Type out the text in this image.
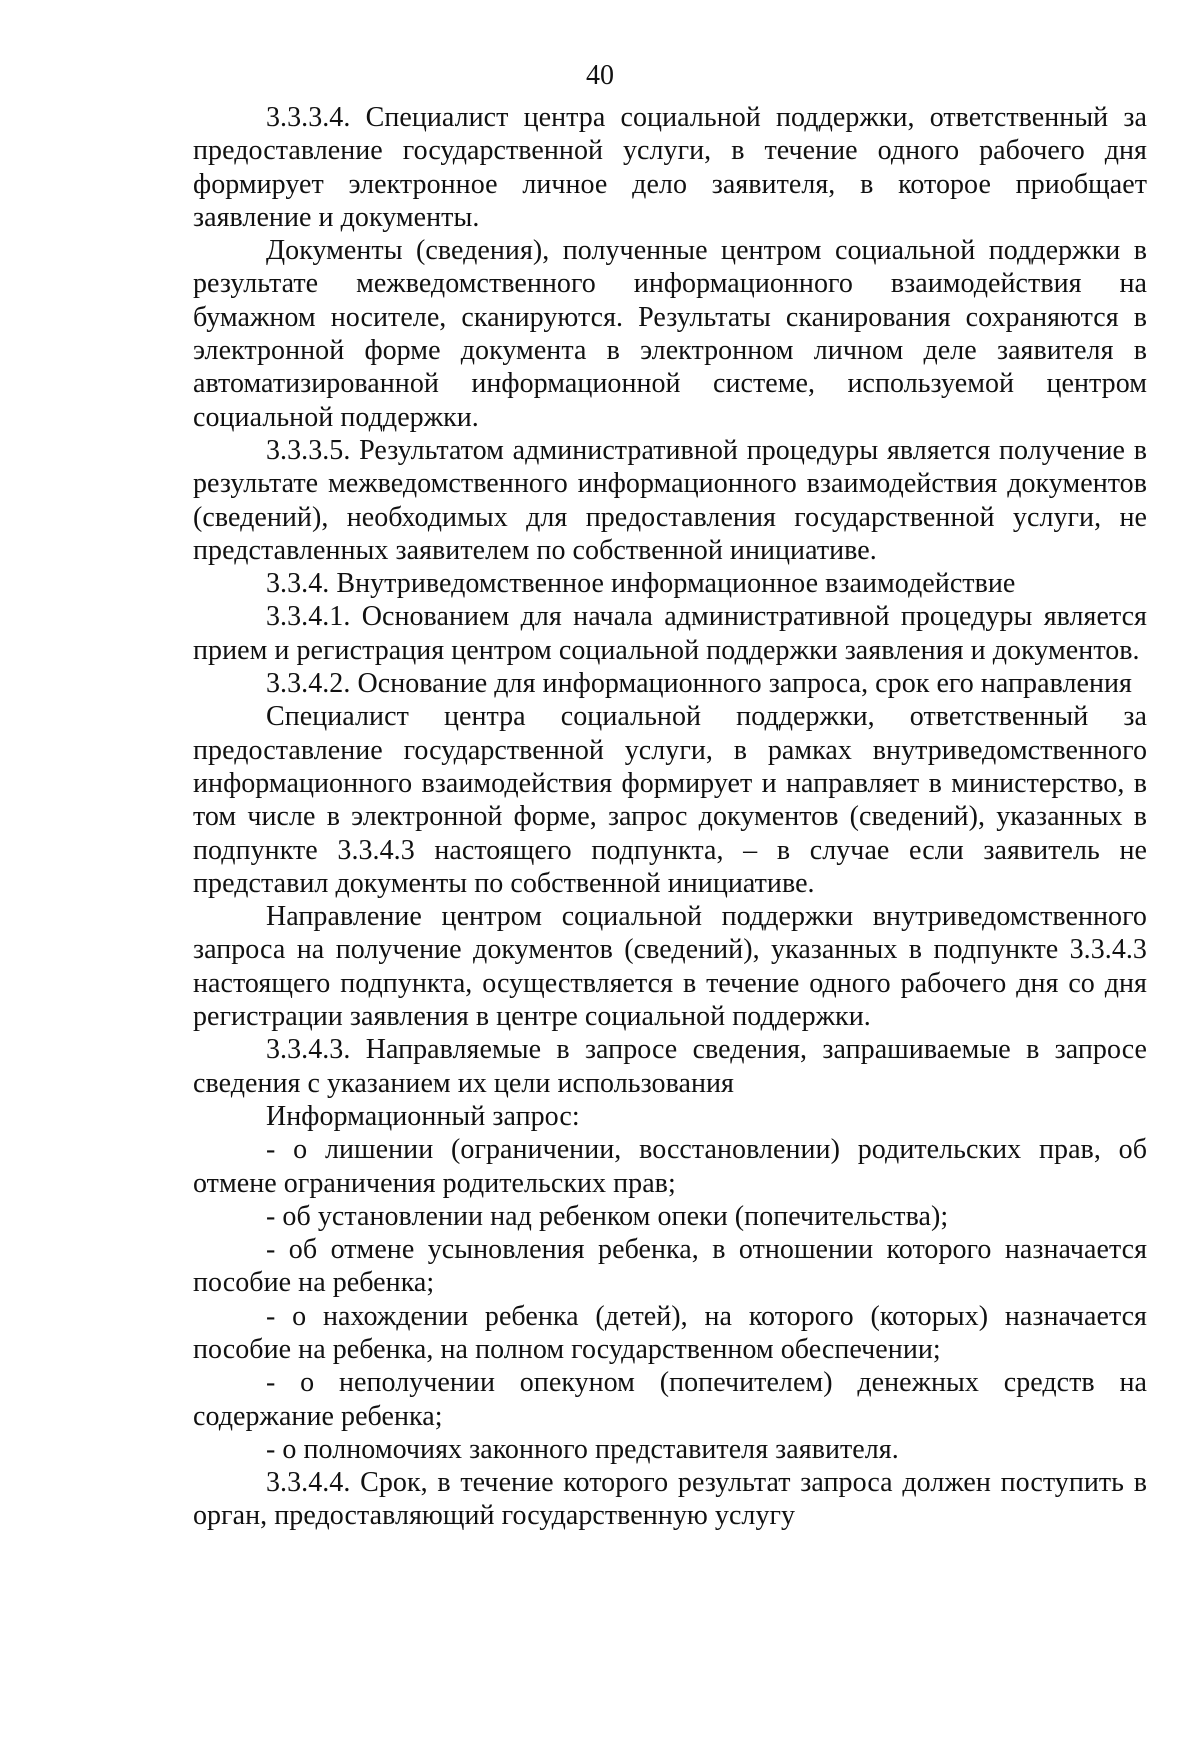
40

3.3.3.4. Специалист центра социальной поддержки, ответственный за предоставление государственной услуги, в течение одного рабочего дня формирует электронное личное дело заявителя, в которое приобщает заявление и документы.

Документы (сведения), полученные центром социальной поддержки в результате межведомственного информационного взаимодействия на бумажном носителе, сканируются. Результаты сканирования сохраняются в электронной форме документа в электронном личном деле заявителя в автоматизированной информационной системе, используемой центром социальной поддержки.

3.3.3.5. Результатом административной процедуры является получение в результате межведомственного информационного взаимодействия документов (сведений), необходимых для предоставления государственной услуги, не представленных заявителем по собственной инициативе.

3.3.4. Внутриведомственное информационное взаимодействие

3.3.4.1. Основанием для начала административной процедуры является прием и регистрация центром социальной поддержки заявления и документов.

3.3.4.2. Основание для информационного запроса, срок его направления

Специалист центра социальной поддержки, ответственный за предоставление государственной услуги, в рамках внутриведомственного информационного взаимодействия формирует и направляет в министерство, в том числе в электронной форме, запрос документов (сведений), указанных в подпункте 3.3.4.3 настоящего подпункта, – в случае если заявитель не представил документы по собственной инициативе.

Направление центром социальной поддержки внутриведомственного запроса на получение документов (сведений), указанных в подпункте 3.3.4.3 настоящего подпункта, осуществляется в течение одного рабочего дня со дня регистрации заявления в центре социальной поддержки.

3.3.4.3. Направляемые в запросе сведения, запрашиваемые в запросе сведения с указанием их цели использования

Информационный запрос:

- о лишении (ограничении, восстановлении) родительских прав, об отмене ограничения родительских прав;

- об установлении над ребенком опеки (попечительства);

- об отмене усыновления ребенка, в отношении которого назначается пособие на ребенка;

- о нахождении ребенка (детей), на которого (которых) назначается пособие на ребенка, на полном государственном обеспечении;

- о неполучении опекуном (попечителем) денежных средств на содержание ребенка;

- о полномочиях законного представителя заявителя.

3.3.4.4. Срок, в течение которого результат запроса должен поступить в орган, предоставляющий государственную услугу
